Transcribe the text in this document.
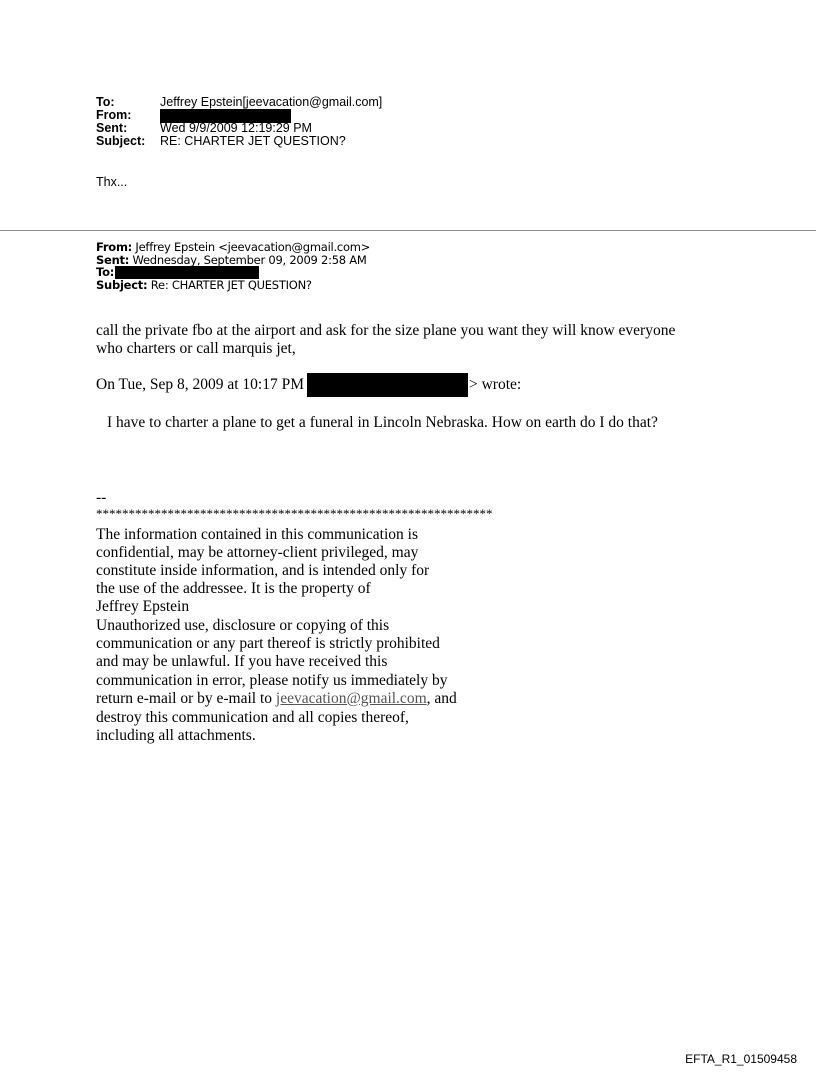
To:	Jeffrey Epstein[jeevacation@gmail.com]
From:
Sent:	Wed 9/9/2009 12:19:29 PM
Subject:	RE: CHARTER JET QUESTION?
Thx...
From: Jeffrey Epstein <jeevacation@gmail.com>
Sent: Wednesday, September 09, 2009 2:58 AM
To:
Subject: Re: CHARTER JET QUESTION?
call the private fbo at the airport and ask for the size plane you want they will know everyone
who charters or call marquis jet,
On Tue, Sep 8, 2009 at 10:17 PM	> wrote:
I have to charter a plane to get a funeral in Lincoln Nebraska. How on earth do I do that?
--
*************************************************************
The information contained in this communication is
confidential, may be attorney-client privileged, may
constitute inside information, and is intended only for
the use of the addressee. It is the property of
Jeffrey Epstein
Unauthorized use, disclosure or copying of this
communication or any part thereof is strictly prohibited
and may be unlawful. If you have received this
communication in error, please notify us immediately by
return e-mail or by e-mail to jeevacation@gmail.com, and
destroy this communication and all copies thereof,
including all attachments.
EFTA_R1_01509458
